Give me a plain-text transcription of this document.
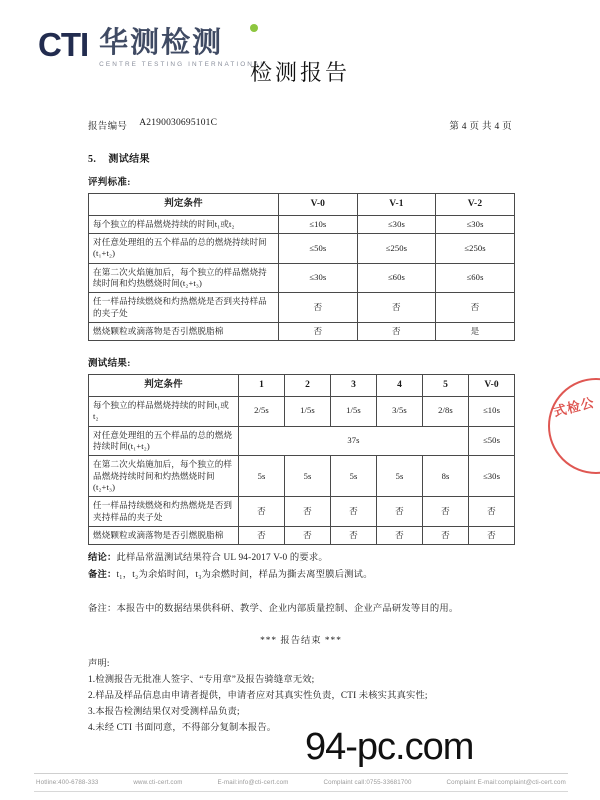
CTI 华测检测
CENTRE TESTING INTERNATIONAL
检测报告
报告编号 A2190030695101C	第 4 页 共 4 页
5. 测试结果
评判标准:
判定条件	V-0	V-1	V-2
每个独立的样品燃烧持续的时间t₁或t₂	≤10s	≤30s	≤30s
对任意处理组的五个样品的总的燃烧持续时间(t₁+t₂)	≤50s	≤250s	≤250s
在第二次火焰施加后，每个独立的样品燃烧持续时间和灼热燃烧时间(t₂+t₃)	≤30s	≤60s	≤60s
任一样品持续燃烧和灼热燃烧是否到夹持样品的夹子处	否	否	否
燃烧颗粒或滴落物是否引燃脱脂棉	否	否	是
测试结果:
判定条件	1	2	3	4	5	V-0
每个独立的样品燃烧持续的时间t₁或t₂	2/5s	1/5s	1/5s	3/5s	2/8s	≤10s
对任意处理组的五个样品的总的燃烧持续时间(t₁+t₂)	37s					≤50s
在第二次火焰施加后，每个独立的样品燃烧持续时间和灼热燃烧时间(t₂+t₃)	5s	5s	5s	5s	8s	≤30s
任一样品持续燃烧和灼热燃烧是否到夹持样品的夹子处	否	否	否	否	否	否
燃烧颗粒或滴落物是否引燃脱脂棉	否	否	否	否	否	否
结论：此样品常温测试结果符合 UL 94-2017 V-0 的要求。
备注：t₁，t₂为余焰时间，t₃为余燃时间，样品为撕去离型膜后测试。
备注：本报告中的数据结果供科研、教学、企业内部质量控制、企业产品研发等目的用。
*** 报告结束 ***
声明:
1.检测报告无批准人签字、“专用章”及报告骑缝章无效;
2.样品及样品信息由申请者提供，申请者应对其真实性负责，CTI 未核实其真实性;
3.本报告检测结果仅对受测样品负责;
4.未经 CTI 书面同意，不得部分复制本报告。
式检公
94-pc.com
Hotline:400-6788-333	www.cti-cert.com	E-mail:info@cti-cert.com	Complaint call:0755-33681700	Complaint E-mail:complaint@cti-cert.com
